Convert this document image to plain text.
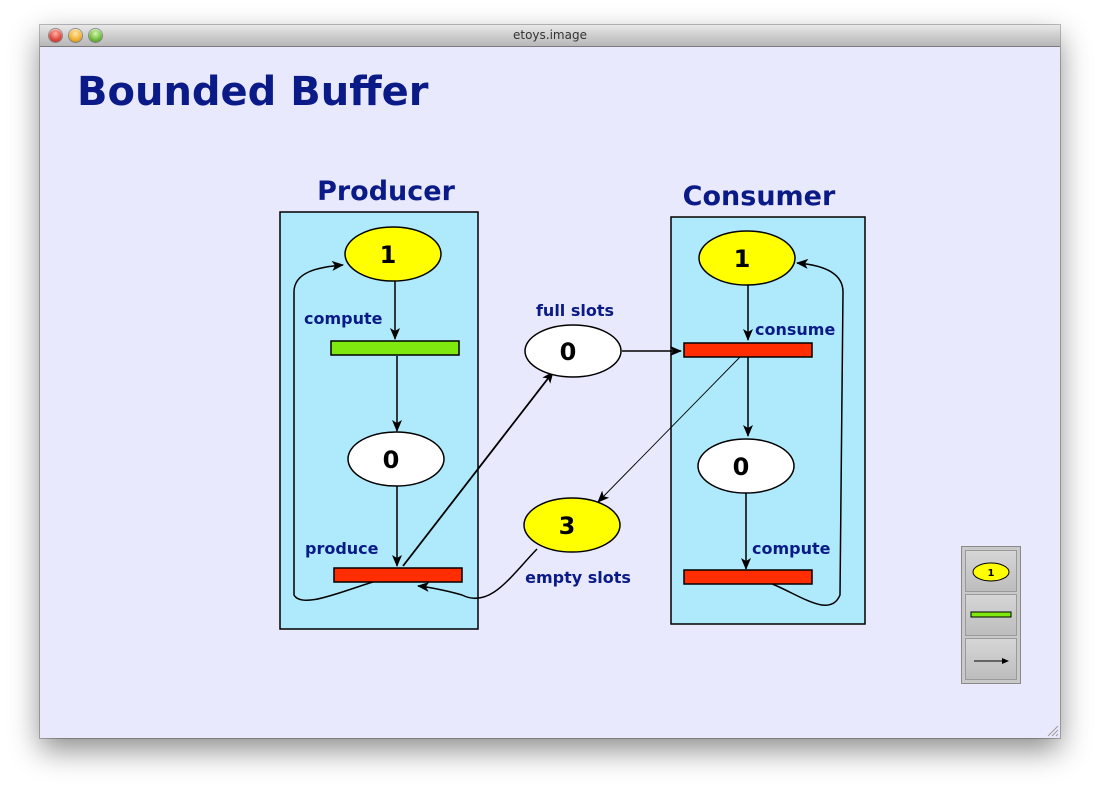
etoys.image
Bounded Buffer
Producer	Consumer
1
compute
0
produce
full slots
0
3
empty slots
1
consume
0
compute
1
